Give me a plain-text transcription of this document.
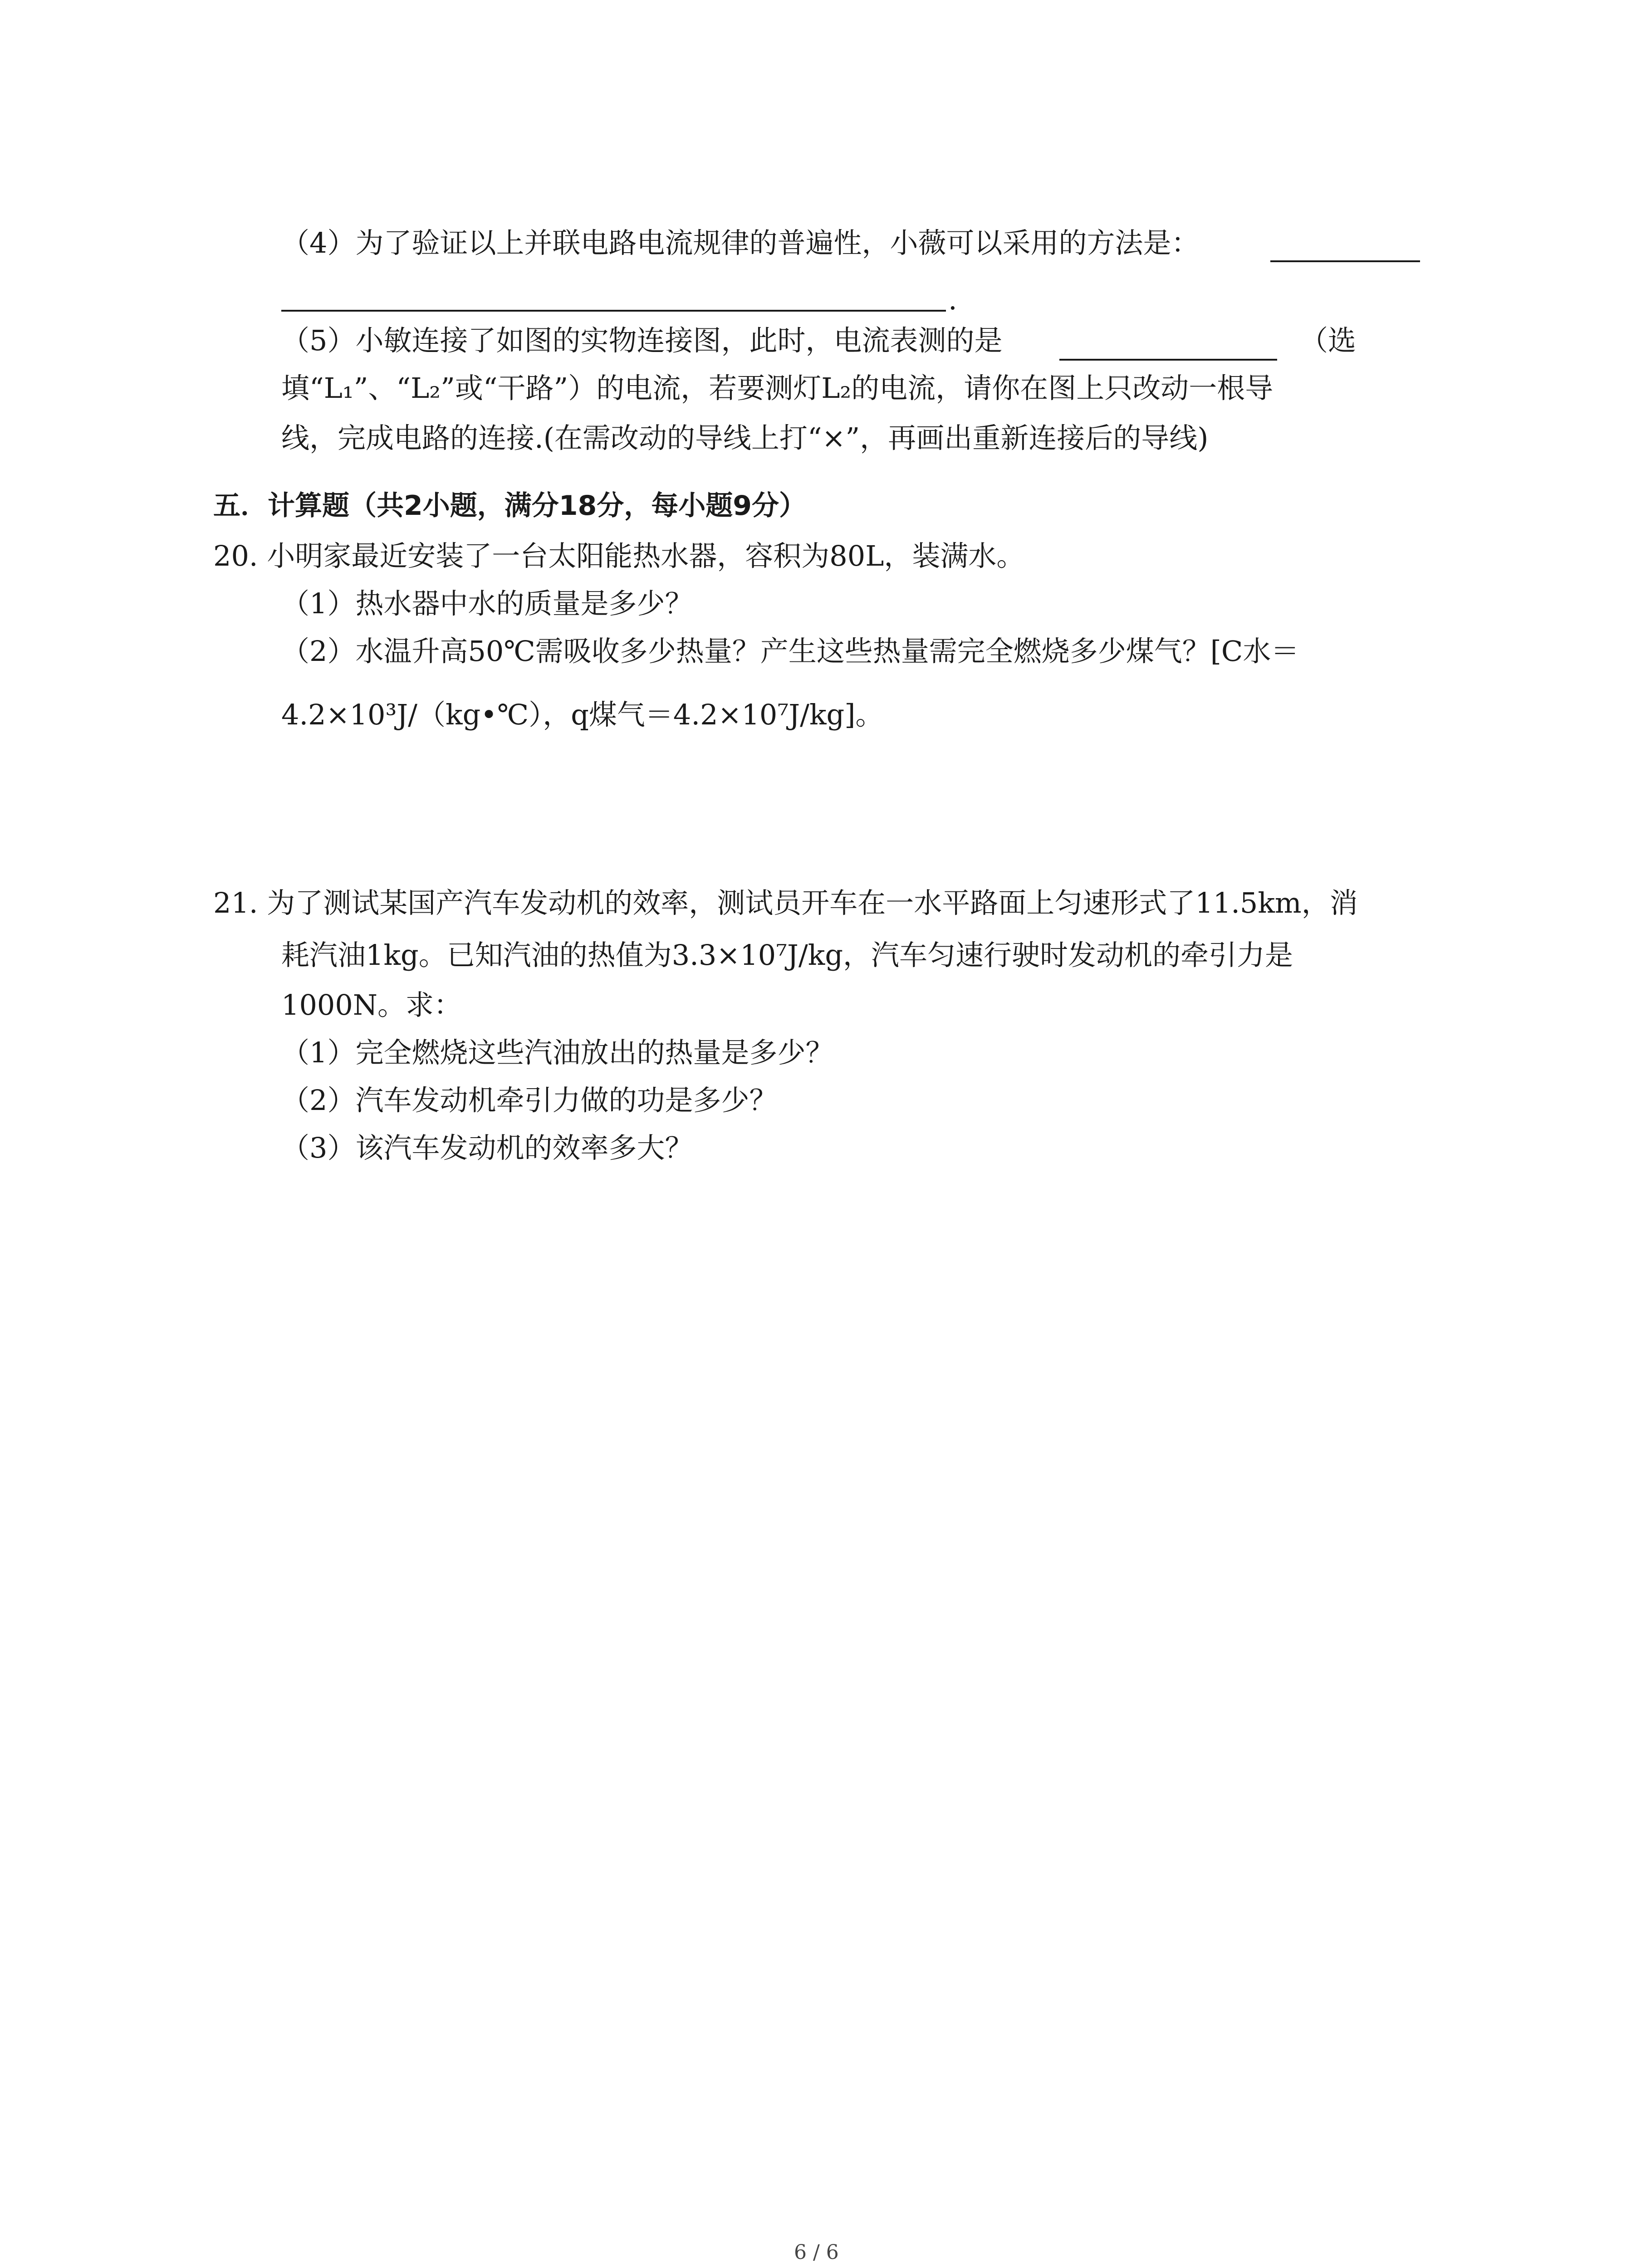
（4）为了验证以上并联电路电流规律的普遍性，小薇可以采用的方法是：
.
（5）小敏连接了如图的实物连接图，此时，电流表测的是	（选
填“L₁”、“L₂”或“干路”）的电流，若要测灯L₂的电流，请你在图上只改动一根导
线，完成电路的连接.(在需改动的导线上打“×”，再画出重新连接后的导线)
五．计算题（共2小题，满分18分，每小题9分）
20. 小明家最近安装了一台太阳能热水器，容积为80L，装满水。
（1）热水器中水的质量是多少？
（2）水温升高50℃需吸收多少热量？产生这些热量需完全燃烧多少煤气？[C水＝
4.2×10³J/（kg•℃），q煤气＝4.2×10⁷J/kg]。
21. 为了测试某国产汽车发动机的效率，测试员开车在一水平路面上匀速形式了11.5km，消
耗汽油1kg。已知汽油的热值为3.3×10⁷J/kg，汽车匀速行驶时发动机的牵引力是
1000N。求：
（1）完全燃烧这些汽油放出的热量是多少？
（2）汽车发动机牵引力做的功是多少？
（3）该汽车发动机的效率多大？
6 / 6
